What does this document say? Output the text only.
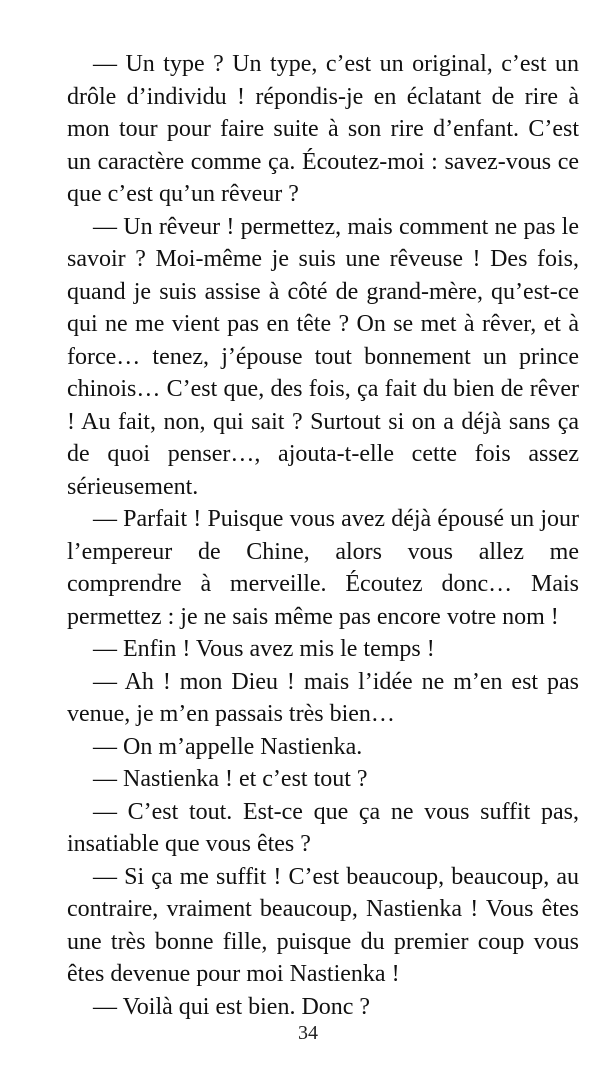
— Un type ? Un type, c’est un original, c’est un drôle d’individu ! répondis-je en éclatant de rire à mon tour pour faire suite à son rire d’enfant. C’est un caractère comme ça. Écoutez-moi : savez-vous ce que c’est qu’un rêveur ?

— Un rêveur ! permettez, mais comment ne pas le savoir ? Moi-même je suis une rêveuse ! Des fois, quand je suis assise à côté de grand-mère, qu’est-ce qui ne me vient pas en tête ? On se met à rêver, et à force… tenez, j’épouse tout bonnement un prince chinois… C’est que, des fois, ça fait du bien de rêver ! Au fait, non, qui sait ? Surtout si on a déjà sans ça de quoi penser…, ajouta-t-elle cette fois assez sérieusement.

— Parfait ! Puisque vous avez déjà épousé un jour l’empereur de Chine, alors vous allez me comprendre à merveille. Écoutez donc… Mais permettez : je ne sais même pas encore votre nom !

— Enfin ! Vous avez mis le temps !

— Ah ! mon Dieu ! mais l’idée ne m’en est pas venue, je m’en passais très bien…

— On m’appelle Nastienka.

— Nastienka ! et c’est tout ?

— C’est tout. Est-ce que ça ne vous suffit pas, insatiable que vous êtes ?

— Si ça me suffit ! C’est beaucoup, beaucoup, au contraire, vraiment beaucoup, Nastienka ! Vous êtes une très bonne fille, puisque du premier coup vous êtes devenue pour moi Nastienka !

— Voilà qui est bien. Donc ?

34
